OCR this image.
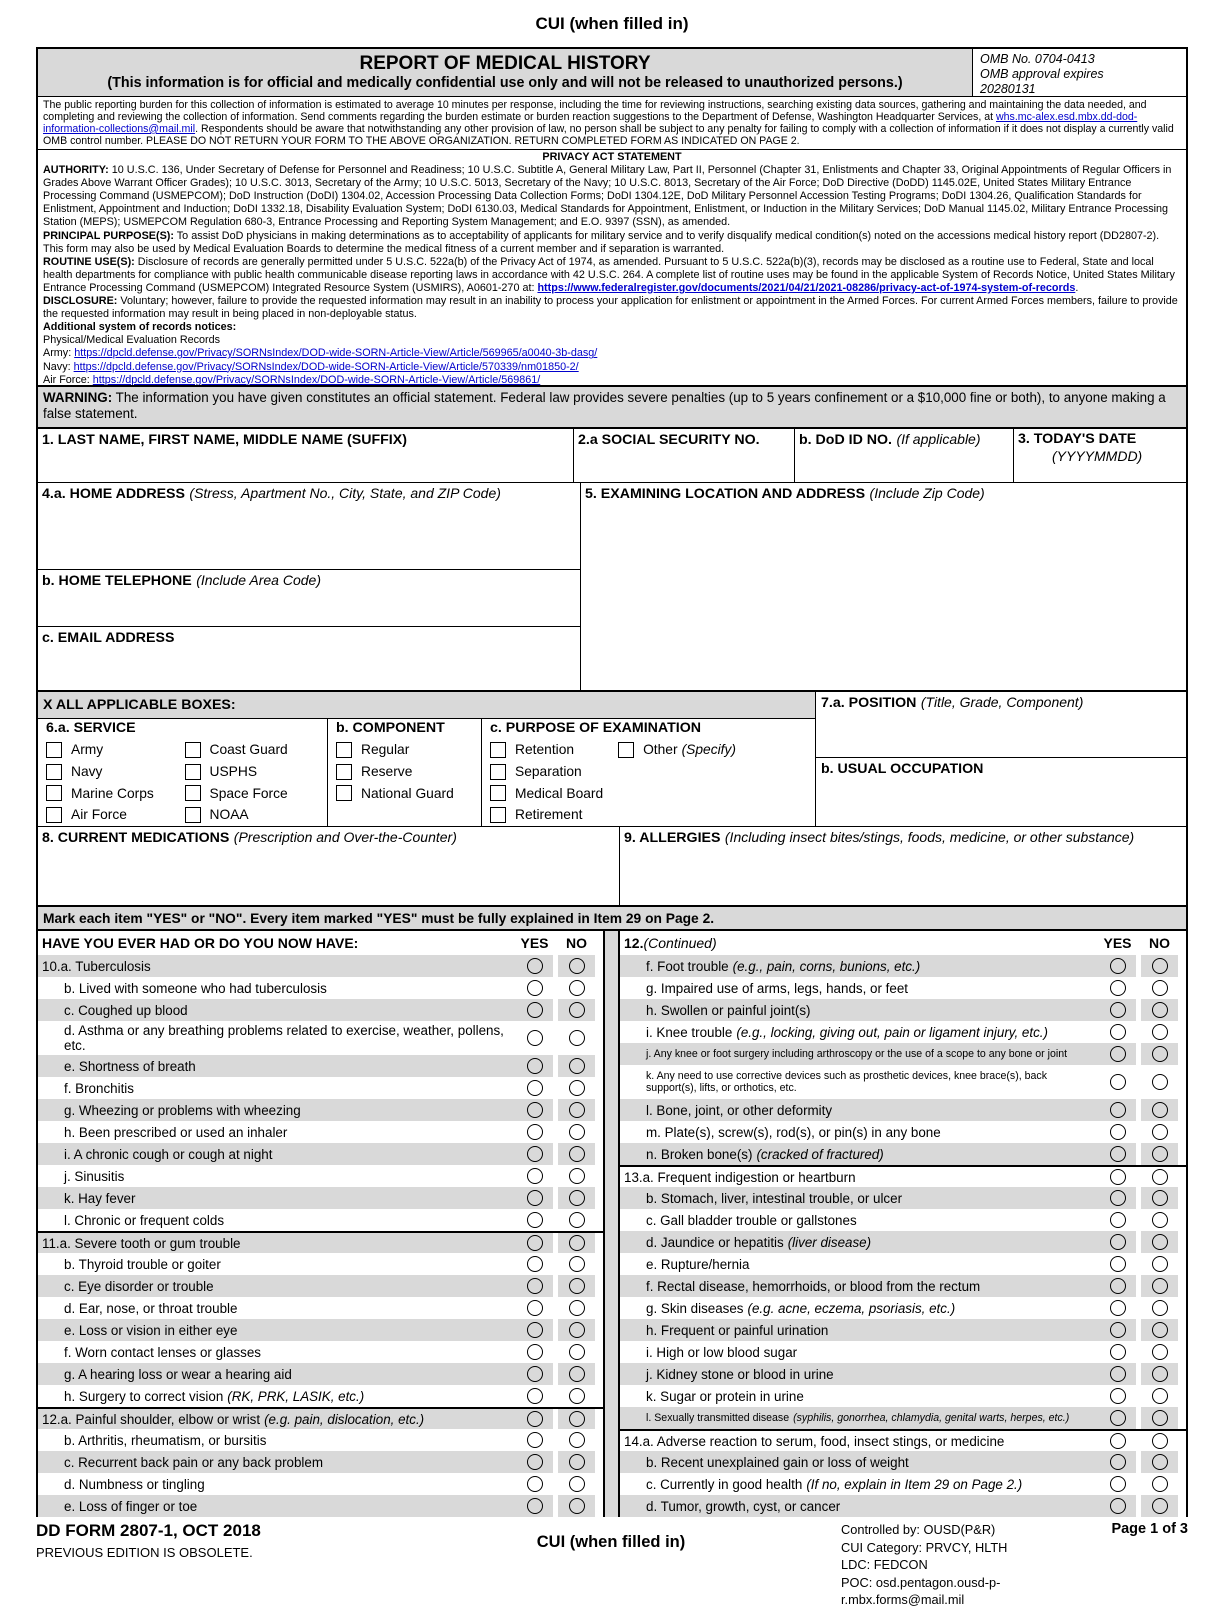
CUI (when filled in)
REPORT OF MEDICAL HISTORY
(This information is for official and medically confidential use only and will not be released to unauthorized persons.)
OMB No. 0704-0413
OMB approval expires
20280131
The public reporting burden for this collection of information is estimated to average 10 minutes per response, including the time for reviewing instructions, searching existing data sources, gathering and maintaining the data needed, and completing and reviewing the collection of information. Send comments regarding the burden estimate or burden reaction suggestions to the Department of Defense, Washington Headquarter Services, at whs.mc-alex.esd.mbx.dd-dod-information-collections@mail.mil. Respondents should be aware that notwithstanding any other provision of law, no person shall be subject to any penalty for failing to comply with a collection of information if it does not display a currently valid OMB control number. PLEASE DO NOT RETURN YOUR FORM TO THE ABOVE ORGANIZATION. RETURN COMPLETED FORM AS INDICATED ON PAGE 2.
PRIVACY ACT STATEMENT
AUTHORITY: 10 U.S.C. 136, Under Secretary of Defense for Personnel and Readiness; 10 U.S.C. Subtitle A, General Military Law, Part II, Personnel (Chapter 31, Enlistments and Chapter 33, Original Appointments of Regular Officers in Grades Above Warrant Officer Grades); 10 U.S.C. 3013, Secretary of the Army; 10 U.S.C. 5013, Secretary of the Navy; 10 U.S.C. 8013, Secretary of the Air Force; DoD Directive (DoDD) 1145.02E, United States Military Entrance Processing Command (USMEPCOM); DoD Instruction (DoDI) 1304.02, Accession Processing Data Collection Forms; DoDI 1304.12E, DoD Military Personnel Accession Testing Programs; DoDI 1304.26, Qualification Standards for Enlistment, Appointment and Induction; DoDI 1332.18, Disability Evaluation System; DoDI 6130.03, Medical Standards for Appointment, Enlistment, or Induction in the Military Services; DoD Manual 1145.02, Military Entrance Processing Station (MEPS); USMEPCOM Regulation 680-3, Entrance Processing and Reporting System Management; and E.O. 9397 (SSN), as amended.
PRINCIPAL PURPOSE(S): To assist DoD physicians in making determinations as to acceptability of applicants for military service and to verify disqualify medical condition(s) noted on the accessions medical history report (DD2807-2). This form may also be used by Medical Evaluation Boards to determine the medical fitness of a current member and if separation is warranted.
ROUTINE USE(S): Disclosure of records are generally permitted under 5 U.S.C. 522a(b) of the Privacy Act of 1974, as amended. Pursuant to 5 U.S.C. 522a(b)(3), records may be disclosed as a routine use to Federal, State and local health departments for compliance with public health communicable disease reporting laws in accordance with 42 U.S.C. 264. A complete list of routine uses may be found in the applicable System of Records Notice, United States Military Entrance Processing Command (USMEPCOM) Integrated Resource System (USMIRS), A0601-270 at: https://www.federalregister.gov/documents/2021/04/21/2021-08286/privacy-act-of-1974-system-of-records.
DISCLOSURE: Voluntary; however, failure to provide the requested information may result in an inability to process your application for enlistment or appointment in the Armed Forces. For current Armed Forces members, failure to provide the requested information may result in being placed in non-deployable status.
Additional system of records notices:
Physical/Medical Evaluation Records
Army: https://dpcld.defense.gov/Privacy/SORNsIndex/DOD-wide-SORN-Article-View/Article/569965/a0040-3b-dasg/
Navy: https://dpcld.defense.gov/Privacy/SORNsIndex/DOD-wide-SORN-Article-View/Article/570339/nm01850-2/
Air Force: https://dpcld.defense.gov/Privacy/SORNsIndex/DOD-wide-SORN-Article-View/Article/569861/
WARNING: The information you have given constitutes an official statement. Federal law provides severe penalties (up to 5 years confinement or a $10,000 fine or both), to anyone making a false statement.
1. LAST NAME, FIRST NAME, MIDDLE NAME (SUFFIX)	2.a SOCIAL SECURITY NO.	b. DoD ID NO. (If applicable)	3. TODAY'S DATE
(YYYYMMDD)
4.a. HOME ADDRESS (Stress, Apartment No., City, State, and ZIP Code)
b. HOME TELEPHONE (Include Area Code)
c. EMAIL ADDRESS
5. EXAMINING LOCATION AND ADDRESS (Include Zip Code)
X ALL APPLICABLE BOXES:
6.a. SERVICE
Army
Navy
Marine Corps
Air Force
Coast Guard
USPHS
Space Force
NOAA
b. COMPONENT
Regular
Reserve
National Guard
c. PURPOSE OF EXAMINATION
Retention	Other (Specify)
Separation
Medical Board
Retirement
7.a. POSITION (Title, Grade, Component)
b. USUAL OCCUPATION
8. CURRENT MEDICATIONS (Prescription and Over-the-Counter)	9. ALLERGIES (Including insect bites/stings, foods, medicine, or other substance)
Mark each item "YES" or "NO". Every item marked "YES" must be fully explained in Item 29 on Page 2.
HAVE YOU EVER HAD OR DO YOU NOW HAVE:	YES	NO
10.a. Tuberculosis
b. Lived with someone who had tuberculosis
c. Coughed up blood
d. Asthma or any breathing problems related to exercise, weather, pollens, etc.
e. Shortness of breath
f. Bronchitis
g. Wheezing or problems with wheezing
h. Been prescribed or used an inhaler
i. A chronic cough or cough at night
j. Sinusitis
k. Hay fever
l. Chronic or frequent colds
11.a. Severe tooth or gum trouble
b. Thyroid trouble or goiter
c. Eye disorder or trouble
d. Ear, nose, or throat trouble
e. Loss or vision in either eye
f. Worn contact lenses or glasses
g. A hearing loss or wear a hearing aid
h. Surgery to correct vision (RK, PRK, LASIK, etc.)
12.a. Painful shoulder, elbow or wrist (e.g. pain, dislocation, etc.)
b. Arthritis, rheumatism, or bursitis
c. Recurrent back pain or any back problem
d. Numbness or tingling
e. Loss of finger or toe
12. (Continued)	YES	NO
f. Foot trouble (e.g., pain, corns, bunions, etc.)
g. Impaired use of arms, legs, hands, or feet
h. Swollen or painful joint(s)
i. Knee trouble (e.g., locking, giving out, pain or ligament injury, etc.)
j. Any knee or foot surgery including arthroscopy or the use of a scope to any bone or joint
k. Any need to use corrective devices such as prosthetic devices, knee brace(s), back support(s), lifts, or orthotics, etc.
l. Bone, joint, or other deformity
m. Plate(s), screw(s), rod(s), or pin(s) in any bone
n. Broken bone(s) (cracked of fractured)
13.a. Frequent indigestion or heartburn
b. Stomach, liver, intestinal trouble, or ulcer
c. Gall bladder trouble or gallstones
d. Jaundice or hepatitis (liver disease)
e. Rupture/hernia
f. Rectal disease, hemorrhoids, or blood from the rectum
g. Skin diseases (e.g. acne, eczema, psoriasis, etc.)
h. Frequent or painful urination
i. High or low blood sugar
j. Kidney stone or blood in urine
k. Sugar or protein in urine
l. Sexually transmitted disease (syphilis, gonorrhea, chlamydia, genital warts, herpes, etc.)
14.a. Adverse reaction to serum, food, insect stings, or medicine
b. Recent unexplained gain or loss of weight
c. Currently in good health (If no, explain in Item 29 on Page 2.)
d. Tumor, growth, cyst, or cancer
DD FORM 2807-1, OCT 2018
PREVIOUS EDITION IS OBSOLETE.
CUI (when filled in)
Controlled by: OUSD(P&R)
CUI Category: PRVCY, HLTH
LDC: FEDCON
POC: osd.pentagon.ousd-p-r.mbx.forms@mail.mil
Page 1 of 3
